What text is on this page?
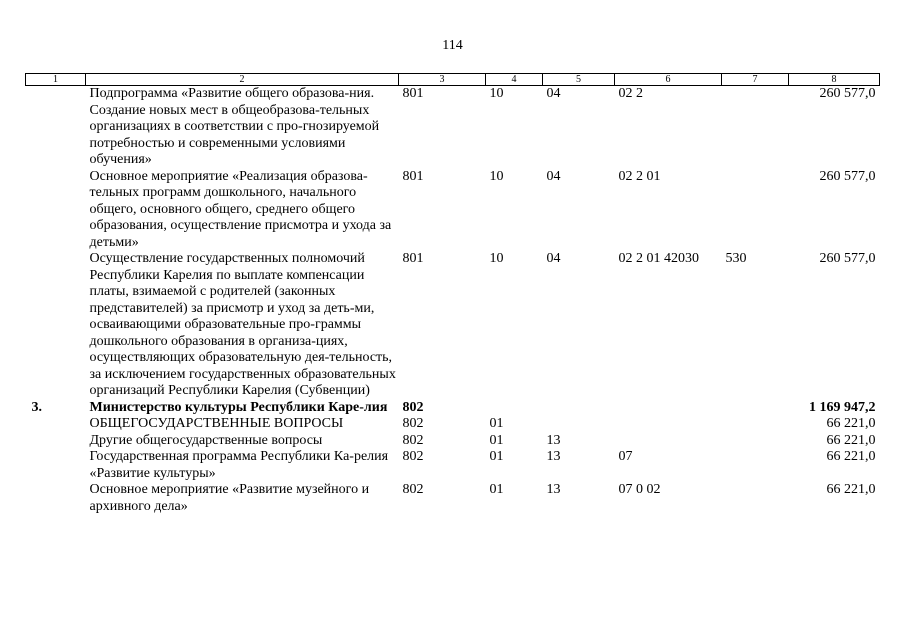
114
1	2	3	4	5	6	7	8
	Подпрограмма «Развитие общего образова-ния. Создание новых мест в общеобразова-тельных организациях в соответствии с про-гнозируемой потребностью и современными условиями обучения»	801	10	04	02 2		260 577,0
	Основное мероприятие «Реализация образова-тельных программ дошкольного, начального общего, основного общего, среднего общего образования, осуществление присмотра и ухода за детьми»	801	10	04	02 2 01		260 577,0
	Осуществление государственных полномочий Республики Карелия по выплате компенсации платы, взимаемой с родителей (законных представителей) за присмотр и уход за деть-ми, осваивающими образовательные про-граммы дошкольного образования в организа-циях, осуществляющих образовательную дея-тельность, за исключением государственных образовательных организаций Республики Карелия (Субвенции)	801	10	04	02 2 01 42030	530	260 577,0
3.	Министерство культуры Республики Каре-лия	802					1 169 947,2
	ОБЩЕГОСУДАРСТВЕННЫЕ ВОПРОСЫ	802	01				66 221,0
	Другие общегосударственные вопросы	802	01	13			66 221,0
	Государственная программа Республики Ка-релия «Развитие культуры»	802	01	13	07		66 221,0
	Основное мероприятие «Развитие музейного и архивного дела»	802	01	13	07 0 02		66 221,0
